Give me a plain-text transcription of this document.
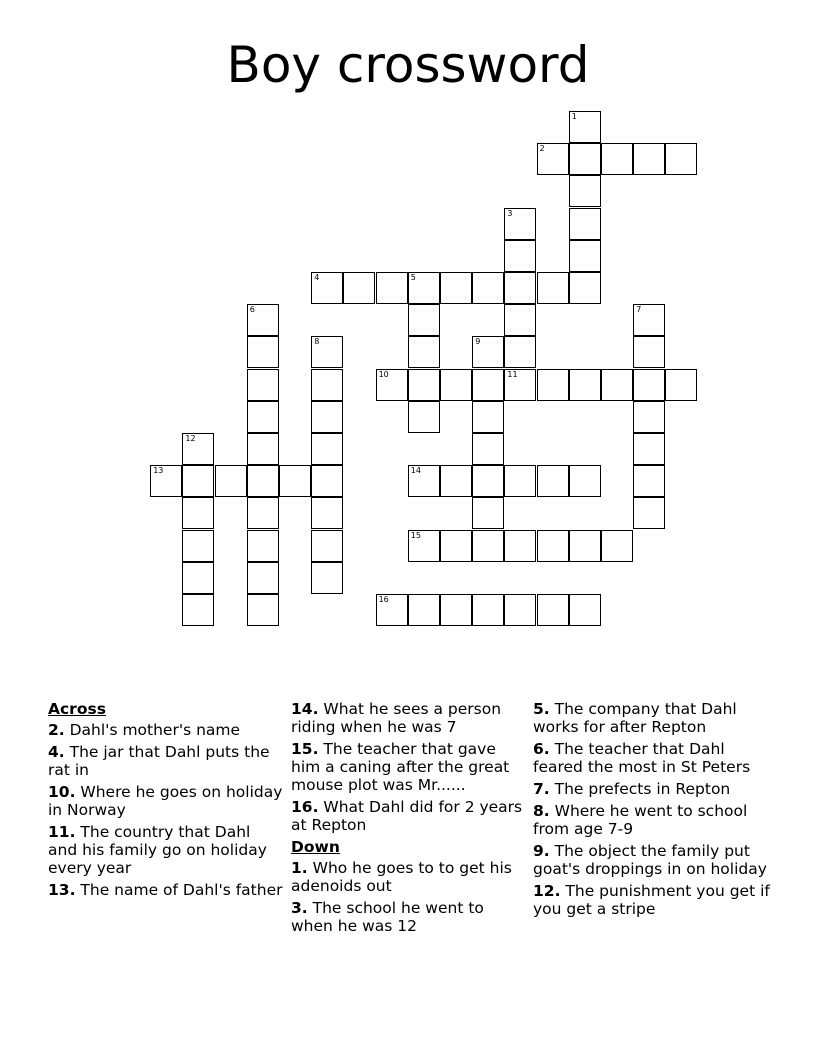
Boy crossword
1
2
3
4	5
6	7
8	9
10	11
12
13	14
15
16
Across
2. Dahl's mother's name
4. The jar that Dahl puts the rat in
10. Where he goes on holiday in Norway
11. The country that Dahl and his family go on holiday every year
13. The name of Dahl's father
14. What he sees a person riding when he was 7
15. The teacher that gave him a caning after the great mouse plot was Mr......
16. What Dahl did for 2 years at Repton
Down
1. Who he goes to to get his adenoids out
3. The school he went to when he was 12
5. The company that Dahl works for after Repton
6. The teacher that Dahl feared the most in St Peters
7. The prefects in Repton
8. Where he went to school from age 7-9
9. The object the family put goat's droppings in on holiday
12. The punishment you get if you get a stripe
